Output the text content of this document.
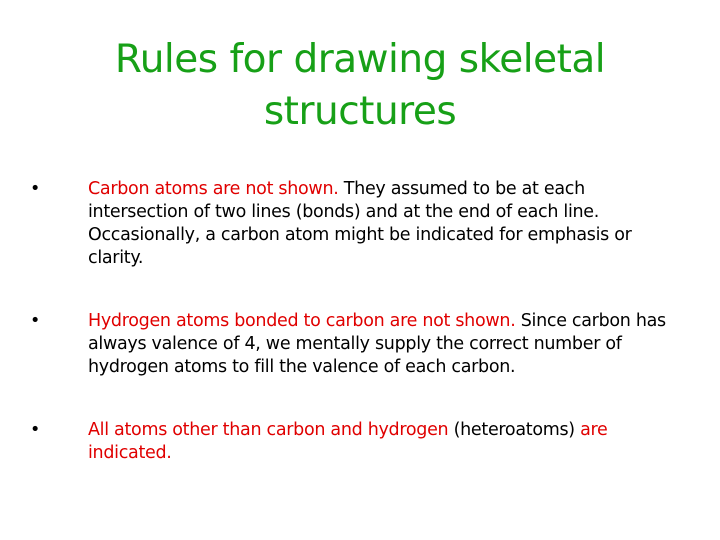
Rules for drawing skeletal
structures
•	Carbon atoms are not shown. They assumed to be at each intersection of two lines (bonds) and at the end of each line. Occasionally, a carbon atom might be indicated for emphasis or clarity.
•	Hydrogen atoms bonded to carbon are not shown. Since carbon has always valence of 4, we mentally supply the correct number of hydrogen atoms to fill the valence of each carbon.
•	All atoms other than carbon and hydrogen (heteroatoms) are indicated.
